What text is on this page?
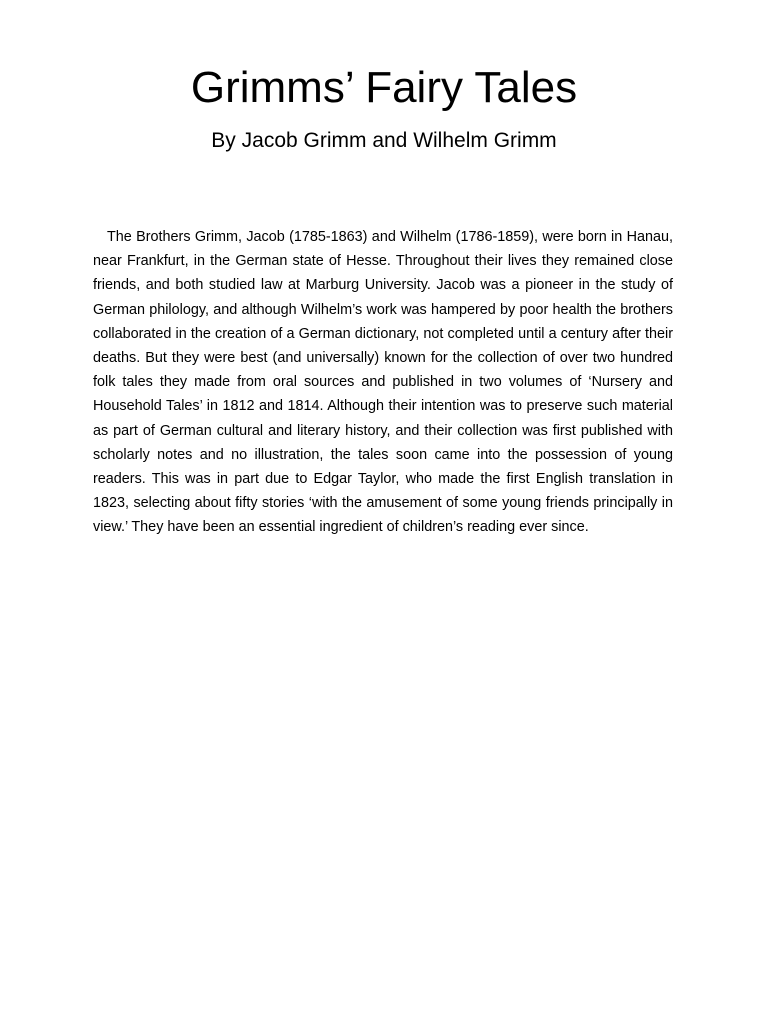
Grimms’ Fairy Tales
By Jacob Grimm and Wilhelm Grimm

The Brothers Grimm, Jacob (1785-1863) and Wilhelm (1786-1859), were born in Hanau, near Frankfurt, in the German state of Hesse. Throughout their lives they remained close friends, and both studied law at Marburg University. Jacob was a pioneer in the study of German philology, and although Wilhelm’s work was hampered by poor health the brothers collaborated in the creation of a German dictionary, not completed until a century after their deaths. But they were best (and universally) known for the collection of over two hundred folk tales they made from oral sources and published in two volumes of ‘Nursery and Household Tales’ in 1812 and 1814. Although their intention was to preserve such material as part of German cultural and literary history, and their collection was first published with scholarly notes and no illustration, the tales soon came into the possession of young readers. This was in part due to Edgar Taylor, who made the first English translation in 1823, selecting about fifty stories ‘with the amusement of some young friends principally in view.’ They have been an essential ingredient of children’s reading ever since.
